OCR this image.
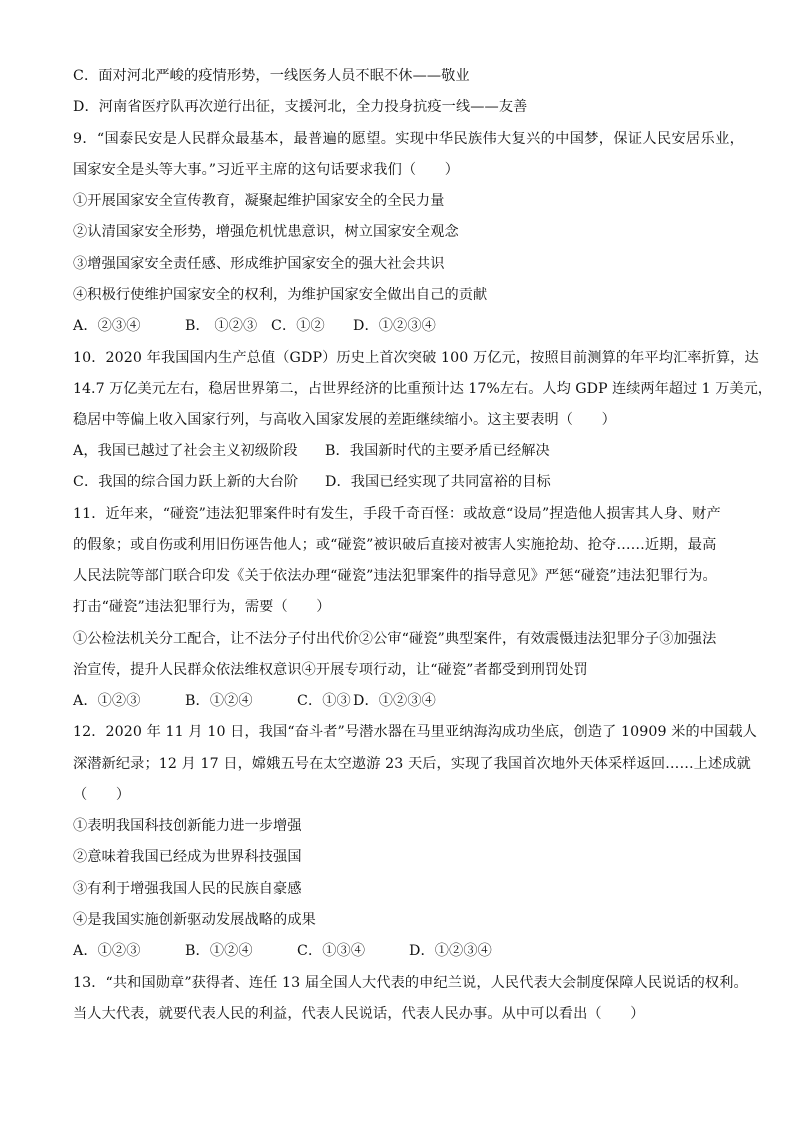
C．面对河北严峻的疫情形势，一线医务人员不眠不休——敬业
D．河南省医疗队再次逆行出征，支援河北，全力投身抗疫一线——友善
9．“国泰民安是人民群众最基本，最普遍的愿望。实现中华民族伟大复兴的中国梦，保证人民安居乐业，
国家安全是头等大事。”习近平主席的这句话要求我们（　　）
①开展国家安全宣传教育，凝聚起维护国家安全的全民力量
②认清国家安全形势，增强危机忧患意识，树立国家安全观念
③增强国家安全责任感、形成维护国家安全的强大社会共识
④积极行使维护国家安全的权利，为维护国家安全做出自己的贡献
A．②③④	B． ①②③ C．①② D．①②③④
10．2020 年我国国内生产总值（GDP）历史上首次突破 100 万亿元，按照目前测算的年平均汇率折算，达
14.7 万亿美元左右，稳居世界第二，占世界经济的比重预计达 17%左右。人均 GDP 连续两年超过 1 万美元，
稳居中等偏上收入国家行列，与高收入国家发展的差距继续缩小。这主要表明（　　）
A，我国已越过了社会主义初级阶段 B．我国新时代的主要矛盾已经解决
C．我国的综合国力跃上新的大台阶 D．我国已经实现了共同富裕的目标
11．近年来，“碰瓷”违法犯罪案件时有发生，手段千奇百怪：或故意“设局”捏造他人损害其人身、财产
的假象；或自伤或利用旧伤诬告他人；或“碰瓷”被识破后直接对被害人实施抢劫、抢夺……近期，最高
人民法院等部门联合印发《关于依法办理“碰瓷”违法犯罪案件的指导意见》严惩“碰瓷”违法犯罪行为。
打击“碰瓷”违法犯罪行为，需要（　　）
①公检法机关分工配合，让不法分子付出代价②公审“碰瓷”典型案件，有效震慑违法犯罪分子③加强法
治宣传，提升人民群众依法维权意识④开展专项行动，让“碰瓷”者都受到刑罚处罚
A．①②③	B．①②④	C．①③ D．①②③④
12．2020 年 11 月 10 日，我国“奋斗者”号潜水器在马里亚纳海沟成功坐底，创造了 10909 米的中国载人
深潜新纪录；12 月 17 日，嫦娥五号在太空遨游 23 天后，实现了我国首次地外天体采样返回……上述成就
（　　）
①表明我国科技创新能力进一步增强
②意味着我国已经成为世界科技强国
③有利于增强我国人民的民族自豪感
④是我国实施创新驱动发展战略的成果
A．①②③	B．①②④	C．①③④	D．①②③④
13．“共和国勋章”获得者、连任 13 届全国人大代表的申纪兰说，人民代表大会制度保障人民说话的权利。
当人大代表，就要代表人民的利益，代表人民说话，代表人民办事。从中可以看出（　　）
